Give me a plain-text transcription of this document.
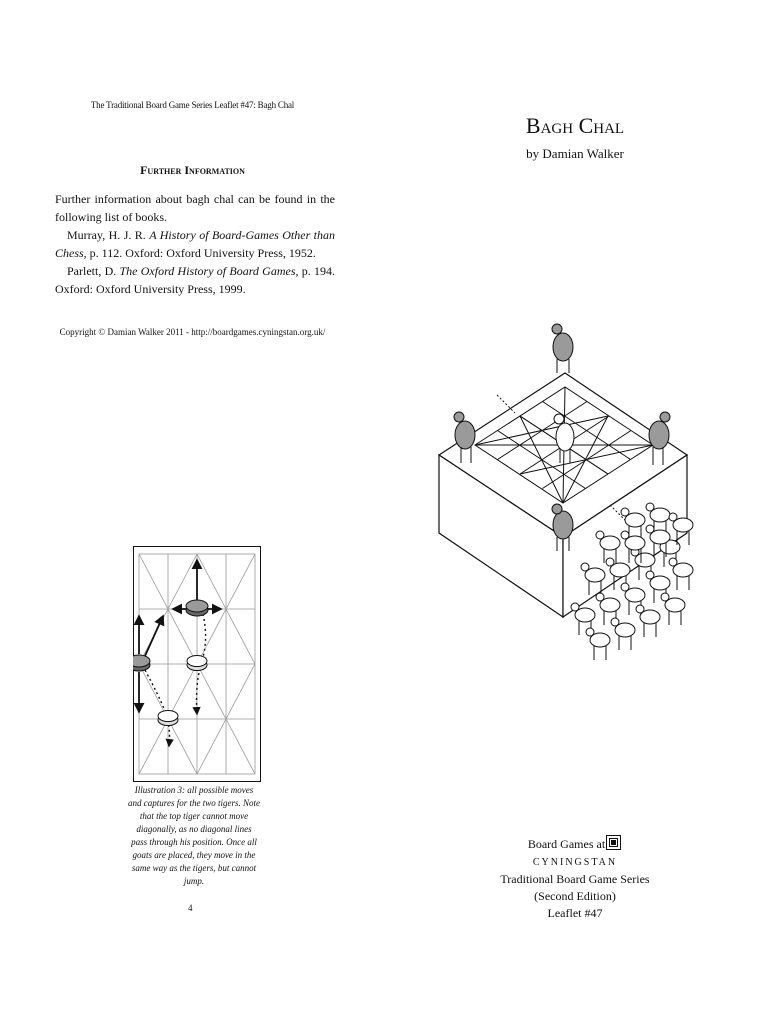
The Traditional Board Game Series Leaflet #47: Bagh Chal
Further Information

Further information about bagh chal can be found in the following list of books.

Murray, H. J. R. A History of Board-Games Other than Chess, p. 112. Oxford: Oxford University Press, 1952.

Parlett, D. The Oxford History of Board Games, p. 194. Oxford: Oxford University Press, 1999.

Copyright © Damian Walker 2011 - http://boardgames.cyningstan.org.uk/
Illustration 3: all possible moves and captures for the two tigers. Note that the top tiger cannot move diagonally, as no diagonal lines pass through his position. Once all goats are placed, they move in the same way as the tigers, but cannot jump.
4
Bagh Chal
by Damian Walker
Board Games atCYNINGSTAN
Traditional Board Game Series
(Second Edition)
Leaflet #47
